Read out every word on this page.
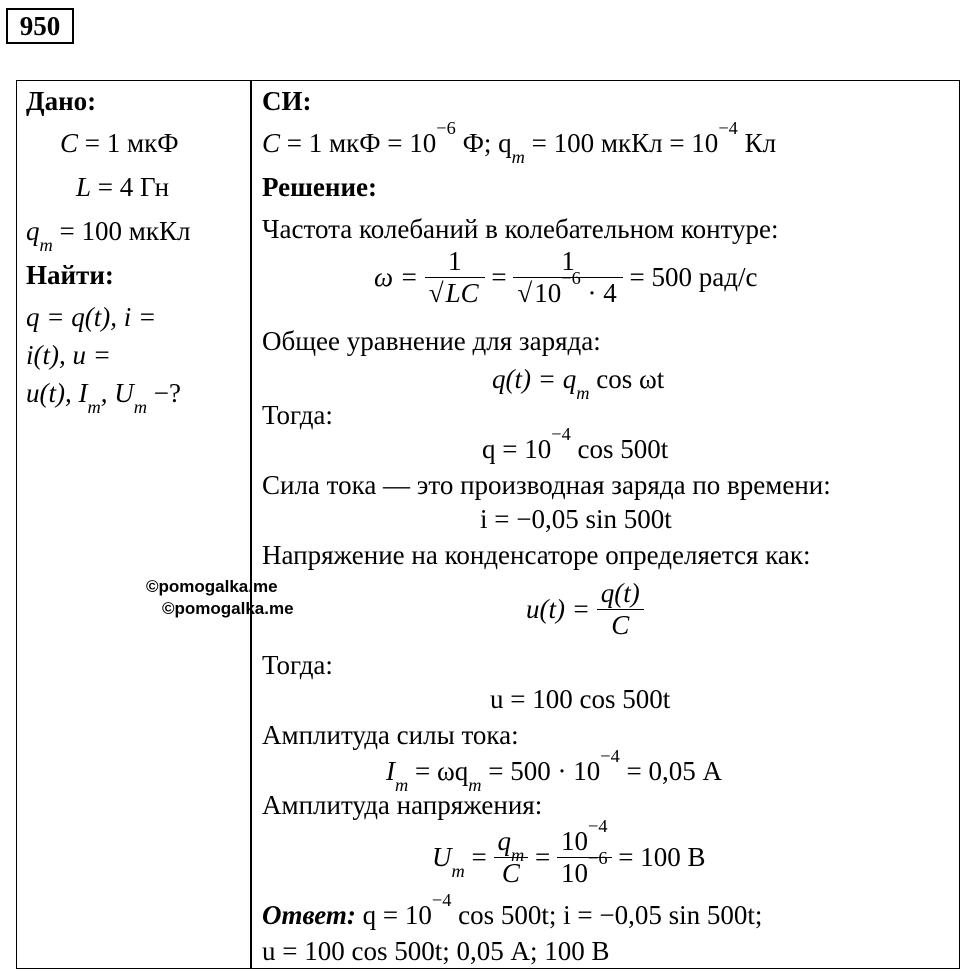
950
Дано:
C = 1 мкФ
L = 4 Гн
$q_m = 100$ мкКл
Найти:
q = q(t), i =
i(t), u =
u(t), $I_m$, $U_m$ −?
СИ:
C = 1 мкФ = $10^{-6}$ Ф; $q_m = 100$ мкКл = $10^{-4}$ Кл
Решение:
Частота колебаний в колебательном контуре:
$\omega = \frac{1}{√LC} = \frac{1}{√10^{-6} \cdot 4} = 500$ рад/с
Общее уравнение для заряда:
$q(t) = q_m$ cos ωt
Тогда:
$q = 10^{-4}$ cos 500t
Сила тока — это производная заряда по времени:
i = −0,05 sin 500t
Напряжение на конденсаторе определяется как:
$u(t) = \frac{q(t)}{C}$
Тогда:
u = 100 cos 500t
Амплитуда силы тока:
$I_m = \omega q_m = 500 \cdot 10^{-4} = 0,05$ А
Амплитуда напряжения:
$U_m = \frac{q_m}{C} = \frac{10^{-4}}{10^{-6}} = 100$ В
Ответ: $q = 10^{-4}$ cos 500t; i = −0,05 sin 500t;
u = 100 cos 500t; 0,05 А; 100 В
©pomogalka.me
©pomogalka.me
